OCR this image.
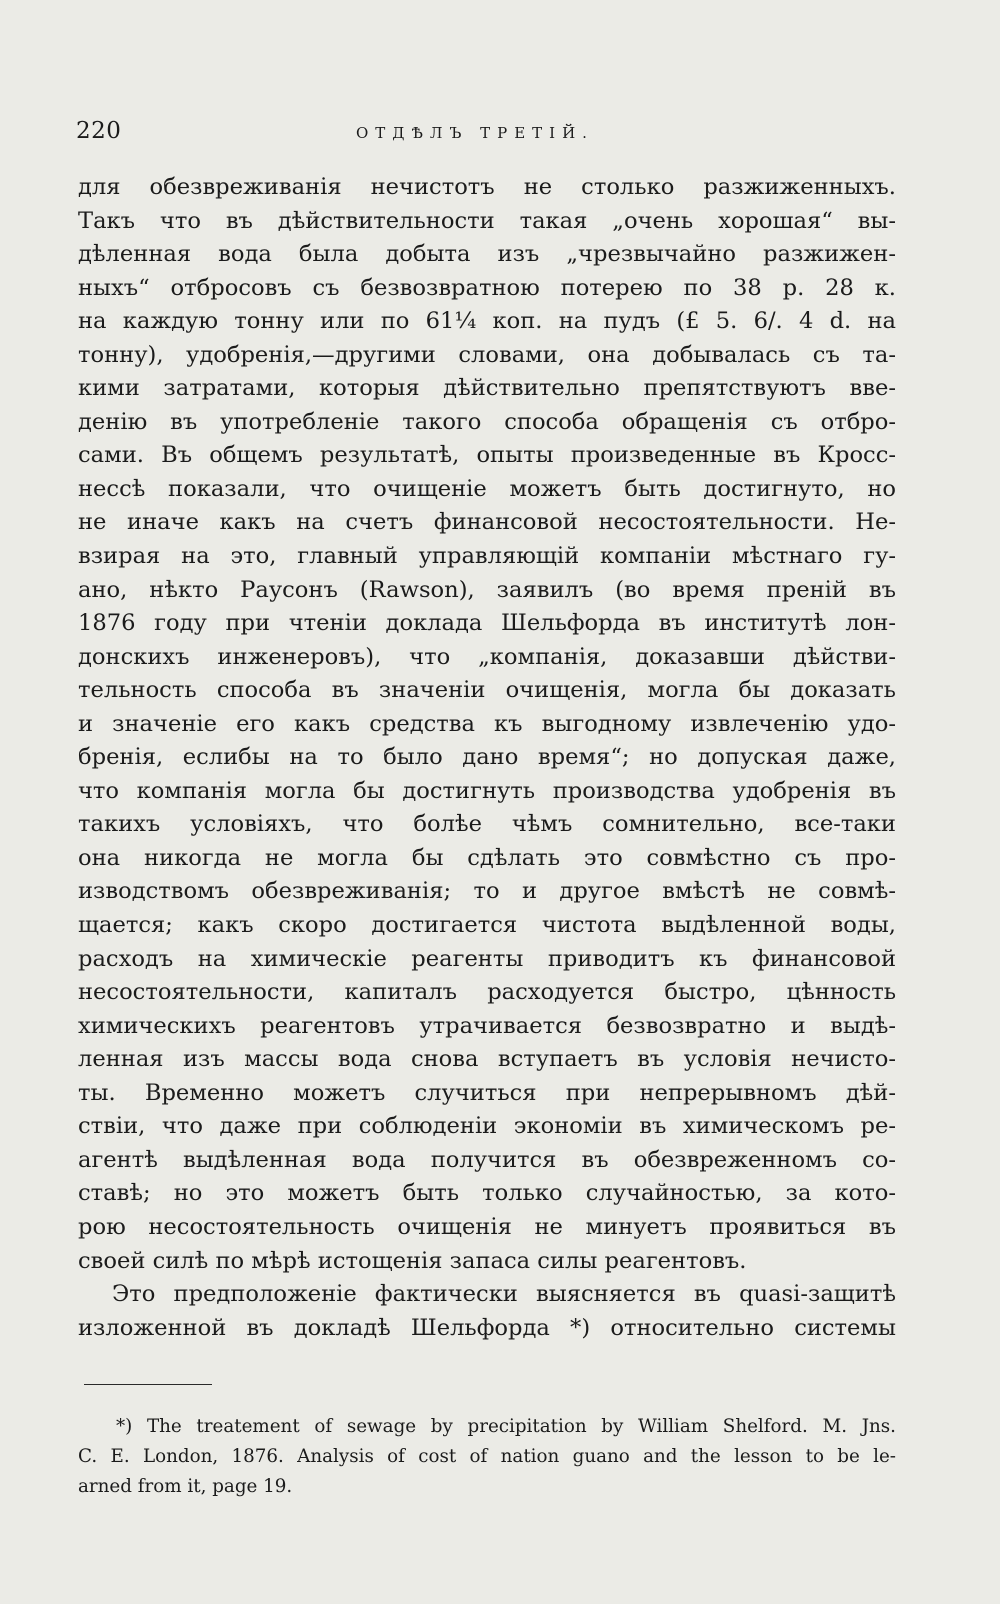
220	ОТДѢЛЪ ТРЕТІЙ.
для обезвреживанія нечистотъ не столько разжиженныхъ.
Такъ что въ дѣйствительности такая „очень хорошая“ вы-
дѣленная вода была добыта изъ „чрезвычайно разжижен-
ныхъ“ отбросовъ съ безвозвратною потерею по 38 р. 28 к.
на каждую тонну или по 61¼ коп. на пудъ (£ 5. 6/. 4 d. на
тонну), удобренія,—другими словами, она добывалась съ та-
кими затратами, которыя дѣйствительно препятствуютъ вве-
денію въ употребленіе такого способа обращенія съ отбро-
сами. Въ общемъ результатѣ, опыты произведенные въ Кросс-
нессѣ показали, что очищеніе можетъ быть достигнуто, но
не иначе какъ на счетъ финансовой несостоятельности. Не-
взирая на это, главный управляющій компаніи мѣстнаго гу-
ано, нѣкто Раусонъ (Rawson), заявилъ (во время преній въ
1876 году при чтеніи доклада Шельфорда въ институтѣ лон-
донскихъ инженеровъ), что „компанія, доказавши дѣйстви-
тельность способа въ значеніи очищенія, могла бы доказать
и значеніе его какъ средства къ выгодному извлеченію удо-
бренія, еслибы на то было дано время“; но допуская даже,
что компанія могла бы достигнуть производства удобренія въ
такихъ условіяхъ, что болѣе чѣмъ сомнительно, все-таки
она никогда не могла бы сдѣлать это совмѣстно съ про-
изводствомъ обезвреживанія; то и другое вмѣстѣ не совмѣ-
щается; какъ скоро достигается чистота выдѣленной воды,
расходъ на химическіе реагенты приводитъ къ финансовой
несостоятельности, капиталъ расходуется быстро, цѣнность
химическихъ реагентовъ утрачивается безвозвратно и выдѣ-
ленная изъ массы вода снова вступаетъ въ условія нечисто-
ты. Временно можетъ случиться при непрерывномъ дѣй-
ствіи, что даже при соблюденіи экономіи въ химическомъ ре-
агентѣ выдѣленная вода получится въ обезвреженномъ со-
ставѣ; но это можетъ быть только случайностью, за кото-
рою несостоятельность очищенія не минуетъ проявиться въ
своей силѣ по мѣрѣ истощенія запаса силы реагентовъ.
Это предположеніе фактически выясняется въ quasi-защитѣ
изложенной въ докладѣ Шельфорда *) относительно системы
*) The treatement of sewage by precipitation by William Shelford. M. Jns.
C. E. London, 1876. Analysis of cost of nation guano and the lesson to be le-
arned from it, page 19.
